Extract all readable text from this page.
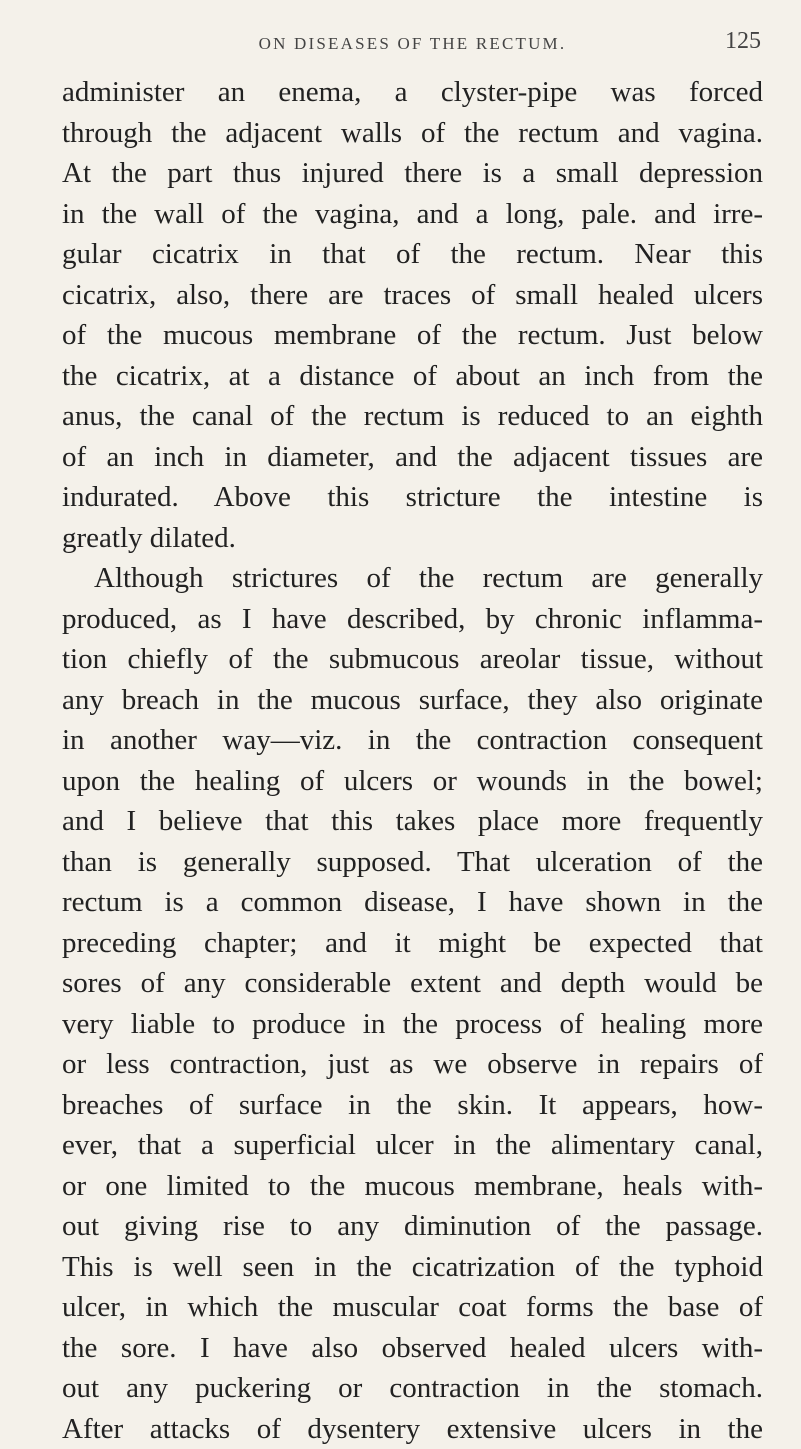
ON DISEASES OF THE RECTUM.	125
administer an enema, a clyster-pipe was forced
through the adjacent walls of the rectum and vagina.
At the part thus injured there is a small depression
in the wall of the vagina, and a long, pale. and irre-
gular cicatrix in that of the rectum. Near this
cicatrix, also, there are traces of small healed ulcers
of the mucous membrane of the rectum. Just below
the cicatrix, at a distance of about an inch from the
anus, the canal of the rectum is reduced to an eighth
of an inch in diameter, and the adjacent tissues are
indurated. Above this stricture the intestine is
greatly dilated.
Although strictures of the rectum are generally
produced, as I have described, by chronic inflamma-
tion chiefly of the submucous areolar tissue, without
any breach in the mucous surface, they also originate
in another way—viz. in the contraction consequent
upon the healing of ulcers or wounds in the bowel;
and I believe that this takes place more frequently
than is generally supposed. That ulceration of the
rectum is a common disease, I have shown in the
preceding chapter; and it might be expected that
sores of any considerable extent and depth would be
very liable to produce in the process of healing more
or less contraction, just as we observe in repairs of
breaches of surface in the skin. It appears, how-
ever, that a superficial ulcer in the alimentary canal,
or one limited to the mucous membrane, heals with-
out giving rise to any diminution of the passage.
This is well seen in the cicatrization of the typhoid
ulcer, in which the muscular coat forms the base of
the sore. I have also observed healed ulcers with-
out any puckering or contraction in the stomach.
After attacks of dysentery extensive ulcers in the
